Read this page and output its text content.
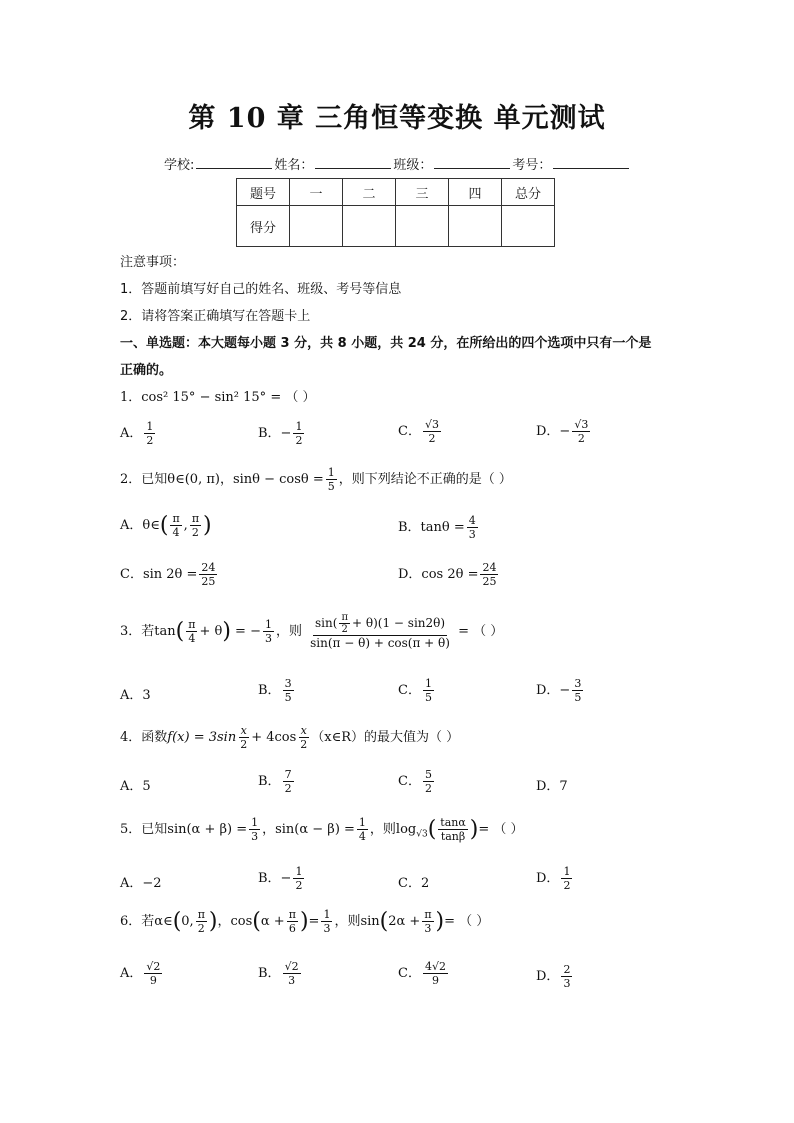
第 10 章 三角恒等变换 单元测试
学校:	姓名：	班级：	考号：
题号	一	二	三	四	总分
得分					
注意事项：
1．答题前填写好自己的姓名、班级、考号等信息
2．请将答案正确填写在答题卡上
一、单选题：本大题每小题 3 分，共 8 小题，共 24 分，在所给出的四个选项中只有一个是
正确的。
1．cos² 15° − sin² 15° = （ ）
A． $\frac{1}{2}$	B．− $\frac{1}{2}$	C． $\frac{√3}{2}$	D．− $\frac{√3}{2}$
2．已知θ∈(0, π)，$\sin\theta - \cos\theta = \frac{1}{5}$ ，则下列结论不正确的是（ ）
A．θ∈( $\frac{\pi}{4}$ , $\frac{\pi}{2}$ )	B．$\tan\theta = \frac{4}{3}$
C．$\sin 2\theta = \frac{24}{25}$	D．$\cos 2\theta = \frac{24}{25}$
3．若$\tan( \frac{\pi}{4} + \theta)$ = − $\frac{1}{3}$ ，则 $\frac{\sin( \frac{\pi}{2} + \theta)(1 - \sin 2\theta)}{\sin(\pi - \theta) + \cos(\pi + \theta)}$ = （ ）
A．3	B． $\frac{3}{5}$	C． $\frac{1}{5}$	D．− $\frac{3}{5}$
4．函数$f(x) = 3\sin \frac{x}{2} + 4\cos \frac{x}{2}$ （x∈R）的最大值为（ ）
A．5	B． $\frac{7}{2}$	C． $\frac{5}{2}$	D．7
5．已知$\sin(\alpha + \beta) = \frac{1}{3}$ ，$\sin(\alpha - \beta) = \frac{1}{4}$ ，则$\log_{√3}( \frac{\tan\alpha}{\tan\beta}$ )= （ ）
A．−2	B．− $\frac{1}{2}$	C．2	D． $\frac{1}{2}$
6．若α∈(0, $\frac{\pi}{2}$ )，$\cos(\alpha + \frac{\pi}{6}$ )= $\frac{1}{3}$ ，则$\sin(2\alpha + \frac{\pi}{3}$ )= （ ）
A． $\frac{√2}{9}$	B． $\frac{√2}{3}$	C． $\frac{4√2}{9}$	D． $\frac{2}{3}$
